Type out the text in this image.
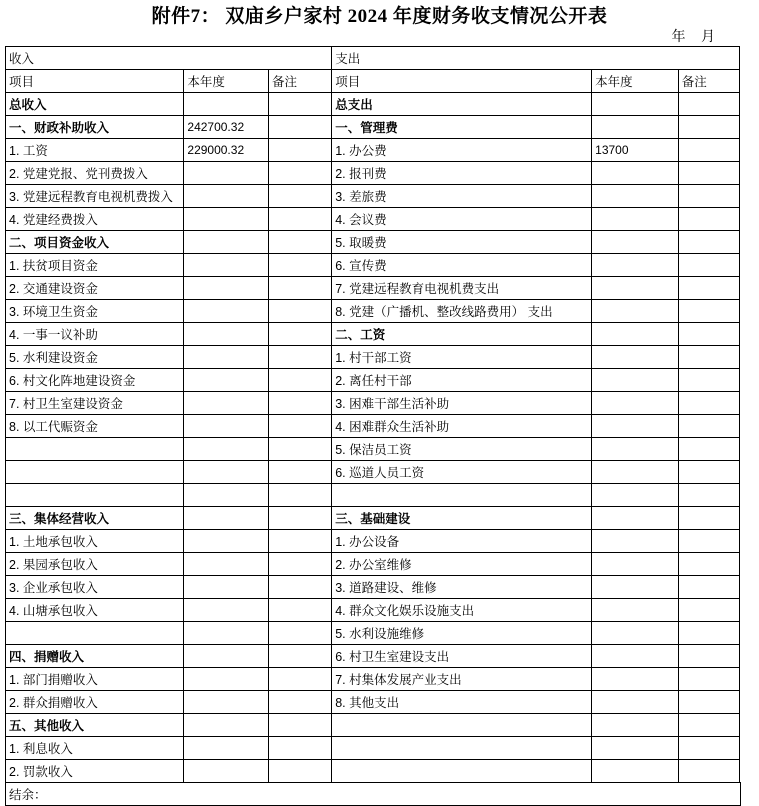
附件7： 双庙乡户家村 2024 年度财务收支情况公开表
年 月
收入			支出		
项目	本年度	备注	项目	本年度	备注
总收入			总支出		
一、财政补助收入	242700.32		一、管理费		
1. 工资	229000.32		1. 办公费	13700	
2. 党建党报、党刊费拨入			2. 报刊费		
3. 党建远程教育电视机费拨入			3. 差旅费		
4. 党建经费拨入			4. 会议费		
二、项目资金收入			5. 取暖费		
1. 扶贫项目资金			6. 宣传费		
2. 交通建设资金			7. 党建远程教育电视机费支出		
3. 环境卫生资金			8. 党建（广播机、整改线路费用） 支出		
4. 一事一议补助			二、工资		
5. 水利建设资金			1. 村干部工资		
6. 村文化阵地建设资金			2. 离任村干部		
7. 村卫生室建设资金			3. 困难干部生活补助		
8. 以工代赈资金			4. 困难群众生活补助		
			5. 保洁员工资		
			6. 巡道人员工资		

三、集体经营收入			三、基础建设		
1. 土地承包收入			1. 办公设备		
2. 果园承包收入			2. 办公室维修		
3. 企业承包收入			3. 道路建设、维修		
4. 山塘承包收入			4. 群众文化娱乐设施支出		
			5. 水利设施维修		
四、捐赠收入			6. 村卫生室建设支出		
1. 部门捐赠收入			7. 村集体发展产业支出		
2. 群众捐赠收入			8. 其他支出		
五、其他收入					
1. 利息收入					
2. 罚款收入					
结余：
